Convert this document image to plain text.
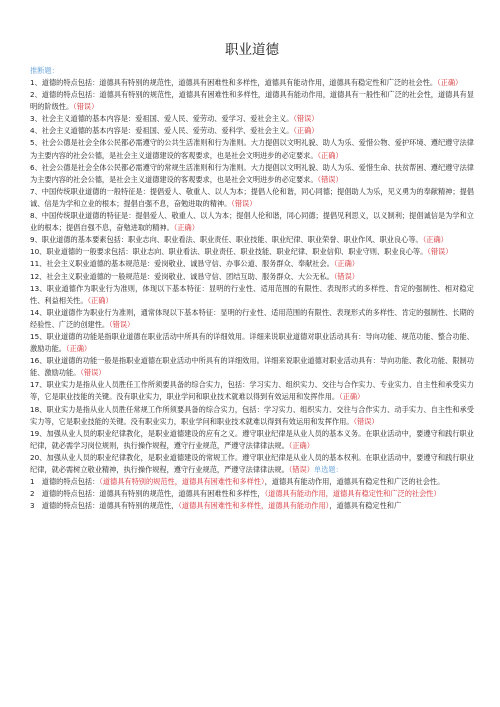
职业道德

推断题：

1、道德的特点包括：道德具有特别的规范性，道德具有困难性和多样性，道德具有能动作用，道德具有稳定性和广泛的社会性。（正确）

2、道德的特点包括：道德具有特别的规范性，道德具有困难性和多样性，道德具有能动作用，道德具有一般性和广泛的社会性，道德具有显明的阶级性。（错误）

3、社会主义道德的基本内容是：爱祖国、爱人民、爱劳动、爱学习、爱社会主义。（错误）

4、社会主义道德的基本内容是：爱祖国、爱人民、爱劳动、爱科学、爱社会主义。（正确）

5、社会公德是社会全体公民都必需遵守的公共生活准则和行为准则。大力提倡以文明礼貌、助人为乐、爱惜公物、爱护环境、遵纪遵守法律为主要内容的社会公德，是社会主义道德建设的客观要求，也是社会文明进步的必定要求。（正确）

6、社会公德是社会全体公民都必需遵守的常规生活准则和行为准则。大力提倡以文明礼貌、助人为乐、爱惜生命、扶贫帮困、遵纪遵守法律为主要内容的社会公德，是社会主义道德建设的客观要求，也是社会文明进步的必定要求。（错误）

7、中国传统职业道德的一般特征是：提倡爱人、敬重人、以人为本；提倡人伦和谐，同心同德；提倡助人为乐，见义勇为的奉献精神；提倡诚、信是为学和立业的根本；提倡自强不息，奋勉进取的精神。（错误）

8、中国传统职业道德的特征是：提倡爱人、敬重人、以人为本；提倡人伦和谐，同心同德；提倡见利思义，以义制利；提倡诚信是为学和立业的根本；提倡自强不息，奋勉进取的精神。（正确）

9、职业道德的基本要素包括：职业志向、职业看法、职业责任、职业技能、职业纪律、职业荣誉、职业作风、职业良心等。（正确）

10、职业道德的一般要求包括：职业志向、职业看法、职业责任、职业技能、职业纪律、职业信仰、职业守则、职业良心等。（错误）

11、社会主义职业道德的基本规范是：爱岗敬业、诚恳守信、办事公道、服务群众、奉献社会。（正确）

12、社会主义职业道德的一般规范是：爱岗敬业、诚恳守信、团结互助、服务群众、大公无私。（错误）

13、职业道德作为职业行为准则，体现以下基本特征：显明的行业性、适用范围的有限性、表现形式的多样性、肯定的强制性、相对稳定性、利益相关性。（正确）

14、职业道德作为职业行为准则，通常体现以下基本特征：显明的行业性、适用范围的有限性、表现形式的多样性、肯定的强制性、长期的经验性、广泛的创建性。（错误）

15、职业道德的功能是指职业道德在职业活动中所具有的详细效用。详细来说职业道德对职业活动具有：导向功能、规范功能、整合功能、激励功能。（正确）

16、职业道德的功能一般是指职业道德在职业活动中所具有的详细效用。详细来说职业道德对职业活动具有：导向功能、教化功能、限制功能、激励功能。（错误）

17、职业实力是指从业人员胜任工作所须要具备的综合实力，包括：学习实力、组织实力、交往与合作实力、专业实力、自主性和承受实力等，它是职业技能的关键。没有职业实力，职业学问和职业技术就难以得到有效运用和发挥作用。（正确）

18、职业实力是指从业人员胜任常规工作所须要具备的综合实力，包括：学习实力、组织实力、交往与合作实力、动手实力、自主性和承受实力等，它是职业技能的关键。没有职业实力，职业学问和职业技术就难以得到有效运用和发挥作用。（错误）

19、加强从业人员的职业纪律教化，是职业道德建设的应有之义。遵守职业纪律是从业人员的基本义务。在职业活动中，要遵守和践行职业纪律，就必需学习岗位规则，执行操作规程，遵守行业规范，严遵守法律律法规。（正确）

20、加强从业人员的职业纪律教化，是职业道德建设的常规工作。遵守职业纪律是从业人员的基本权利。在职业活动中，要遵守和践行职业纪律，就必需树立敬业精神，执行操作规程，遵守行业规范，严遵守法律律法规。（错误）单选题：

1　道德的特点包括：（道德具有特别的规范性，道德具有困难性和多样性），道德具有能动作用，道德具有稳定性和广泛的社会性。

2　道德的特点包括：道德具有特别的规范性，道德具有困难性和多样性，（道德具有能动作用，道德具有稳定性和广泛的社会性）

3　道德的特点包括：道德具有特别的规范性，（道德具有困难性和多样性，道德具有能动作用），道德具有稳定性和广
